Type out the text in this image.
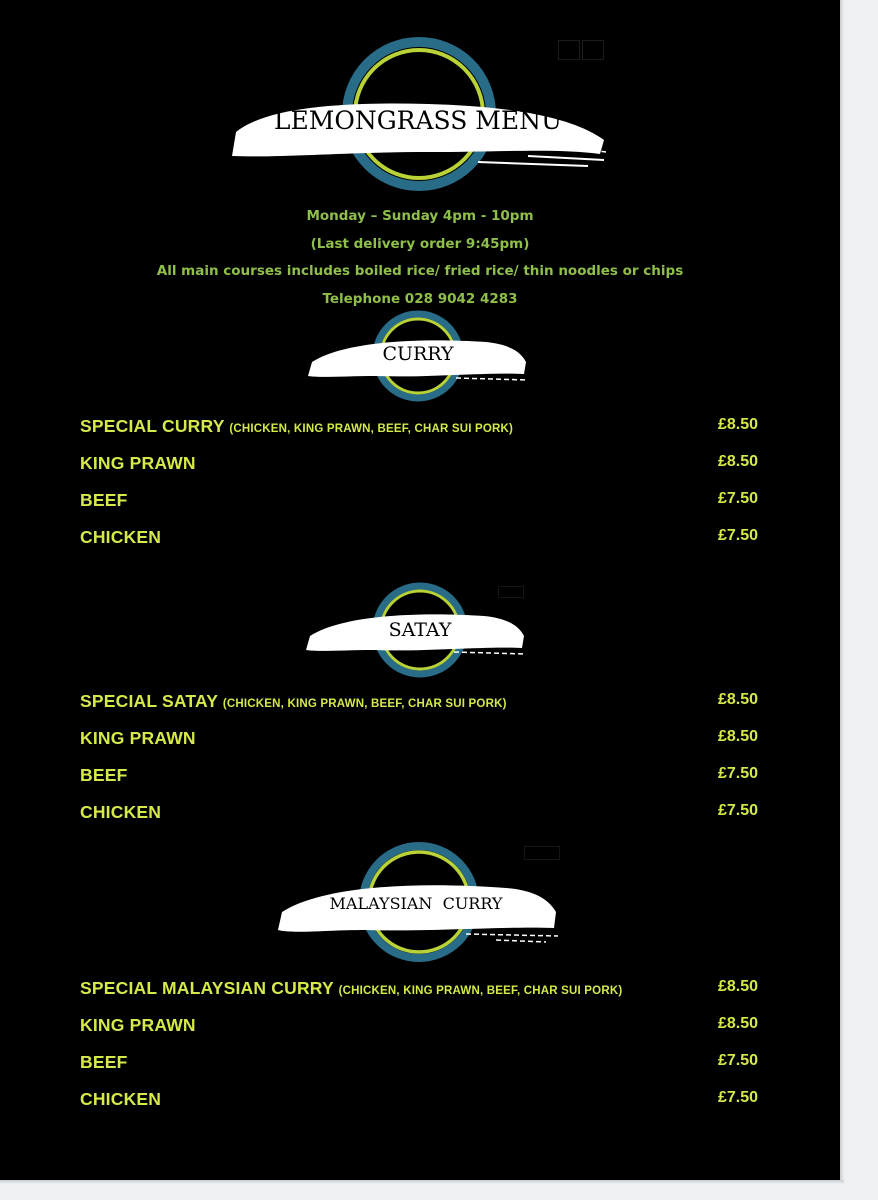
LEMONGRASS MENU
Monday – Sunday 4pm - 10pm
(Last delivery order 9:45pm)
All main courses includes boiled rice/ fried rice/ thin noodles or chips
Telephone 028 9042 4283
CURRY
SPECIAL CURRY (CHICKEN, KING PRAWN, BEEF, CHAR SUI PORK)	£8.50
KING PRAWN	£8.50
BEEF	£7.50
CHICKEN	£7.50
SATAY
SPECIAL SATAY (CHICKEN, KING PRAWN, BEEF, CHAR SUI PORK)	£8.50
KING PRAWN	£8.50
BEEF	£7.50
CHICKEN	£7.50
MALAYSIAN  CURRY
SPECIAL MALAYSIAN CURRY (CHICKEN, KING PRAWN, BEEF, CHAR SUI PORK)	£8.50
KING PRAWN	£8.50
BEEF	£7.50
CHICKEN	£7.50
